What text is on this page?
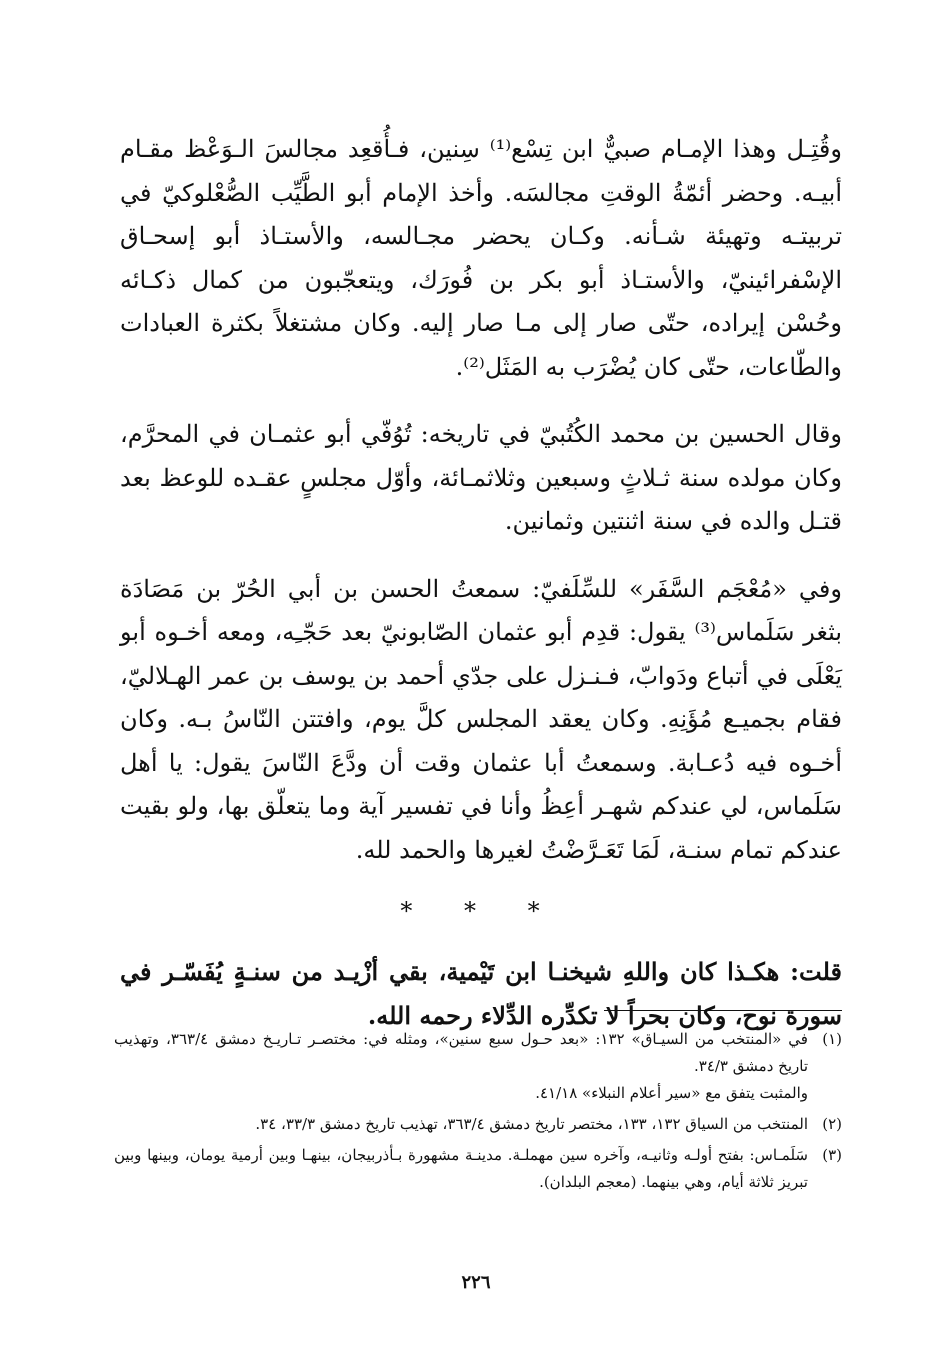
وقُتِـل وهذا الإمـام صبيٌّ ابن تِسْع⁽¹⁾ سِنين، فـأُقعِد مجالسَ الـوَعْظ مقـام أبيـه. وحضر أئمّةُ الوقتِ مجالسَه. وأخذ الإمام أبو الطَّيِّب الصُّعْلوكيّ في تربيتـه وتهيئة شـأنه. وكـان يحضر مجـالسه، والأستـاذ أبو إسحـاق الإسْفرائينيّ، والأستـاذ أبو بكر بن فُورَك، ويتعجّبون من كمال ذكـائه وحُسْن إيراده، حتّى صار إلى مـا صار إليه. وكان مشتغلاً بكثرة العبادات والطّاعات، حتّى كان يُضْرَب به المَثَل⁽²⁾.

وقال الحسين بن محمد الكُتُبيّ في تاريخه: تُوُفّي أبو عثمـان في المحرَّم، وكان مولده سنة ثـلاثٍ وسبعين وثلاثمـائة، وأوّل مجلسٍ عقـده للوعظ بعد قتـل والده في سنة اثنتين وثمانين.

وفي «مُعْجَم السَّفَر» للسِّلَفيّ: سمعتُ الحسن بن أبي الحُرّ بن مَصَادَة بثغر سَلَماس⁽³⁾ يقول: قدِم أبو عثمان الصّابونيّ بعد حَجّـِه، ومعه أخـوه أبو يَعْلَى في أتباع ودَوابّ، فـنـزل على جدّي أحمد بن يوسف بن عمر الهـلاليّ، فقام بجميـع مُؤَنِهِ. وكان يعقد المجلس كلَّ يوم، وافتتن النّاسُ بـه. وكان أخـوه فيه دُعـابة. وسمعتُ أبا عثمان وقت أن ودَّعَ النّاسَ يقول: يا أهل سَلَماس، لي عندكم شهـر أعِظُ وأنا في تفسير آية وما يتعلّق بها، ولو بقيت عندكم تمام سنـة، لَمَا تَعَـرَّضْتُ لغيرها والحمد لله.

* * *

قلت: هكـذا كان واللهِ شيخنـا ابن تَيْمية، بقي أزْيـد من سنـةٍ يُفَسّـر في سورة نوح، وكان بحراً لا تكدِّره الدِّلاء رحمه الله.

(١)
في «المنتخب من السيـاق» ١٣٢: «بعد حـول سبع سنين»، ومثله في: مختصـر تـاريـخ دمشق ٣٦٣/٤، وتهذيب تاريخ دمشق ٣٤/٣.
والمثبت يتفق مع «سير أعلام النبلاء» ٤١/١٨.
(٢)
المنتخب من السياق ١٣٢، ١٣٣، مختصر تاريخ دمشق ٣٦٣/٤، تهذيب تاريخ دمشق ٣٣/٣، ٣٤.
(٣)
سَلَمـاس: بفتح أولـه وثانيـه، وآخره سين مهملـة. مدينـة مشهورة بـأذربيجان، بينهـا وبين أرمية يومان، وبينها وبين تبريز ثلاثة أيام، وهي بينهما. (معجم البلدان).
٢٢٦
